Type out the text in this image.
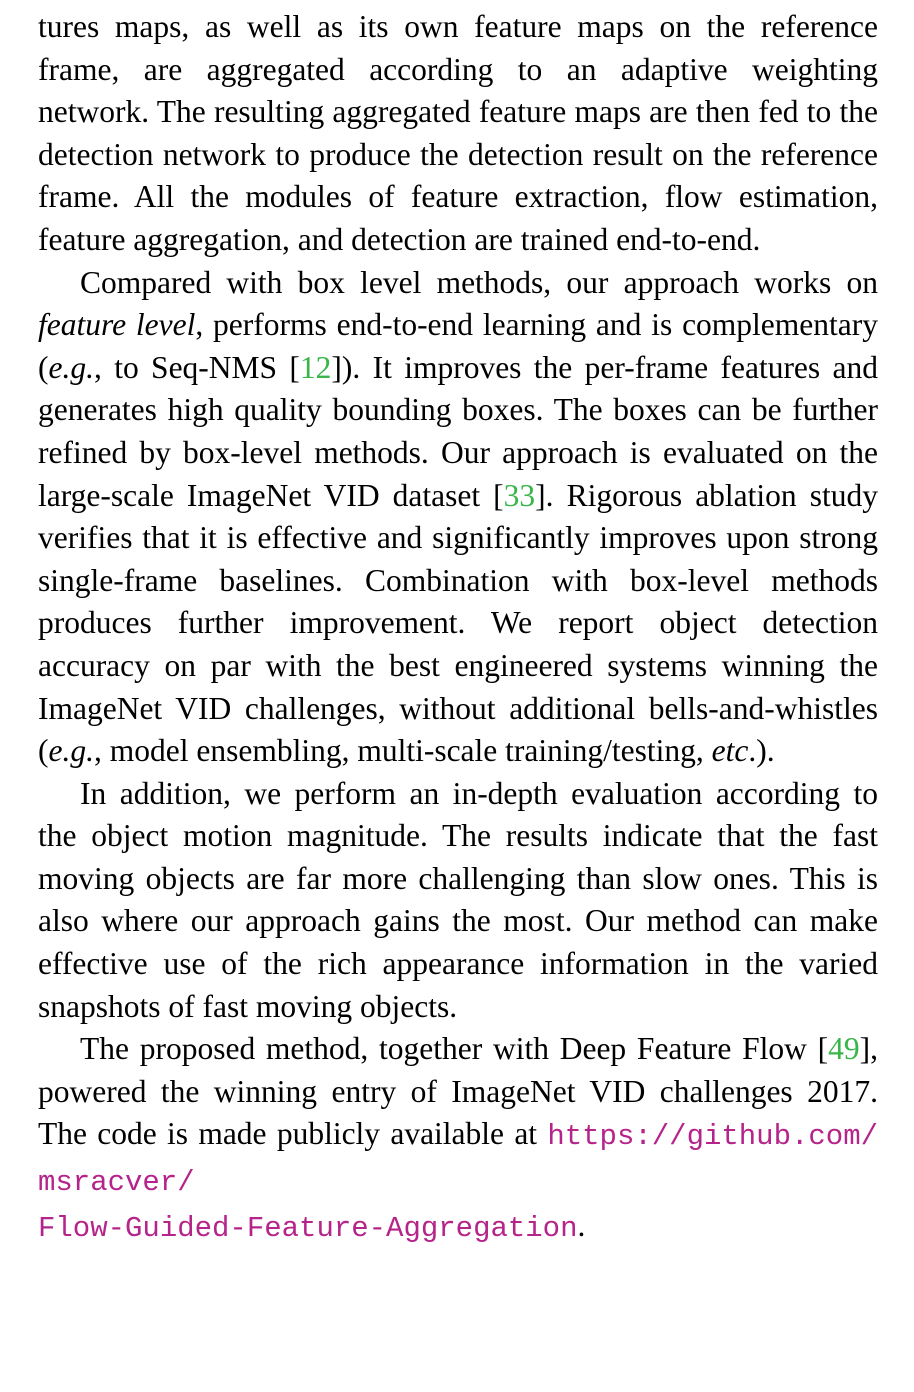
tures maps, as well as its own feature maps on the reference frame, are aggregated according to an adaptive weighting network. The resulting aggregated feature maps are then fed to the detection network to produce the detection result on the reference frame. All the modules of feature extraction, flow estimation, feature aggregation, and detection are trained end-to-end.

Compared with box level methods, our approach works on feature level, performs end-to-end learning and is complementary (e.g., to Seq-NMS [12]). It improves the per-frame features and generates high quality bounding boxes. The boxes can be further refined by box-level methods. Our approach is evaluated on the large-scale ImageNet VID dataset [33]. Rigorous ablation study verifies that it is effective and significantly improves upon strong single-frame baselines. Combination with box-level methods produces further improvement. We report object detection accuracy on par with the best engineered systems winning the ImageNet VID challenges, without additional bells-and-whistles (e.g., model ensembling, multi-scale training/testing, etc.).

In addition, we perform an in-depth evaluation according to the object motion magnitude. The results indicate that the fast moving objects are far more challenging than slow ones. This is also where our approach gains the most. Our method can make effective use of the rich appearance information in the varied snapshots of fast moving objects.

The proposed method, together with Deep Feature Flow [49], powered the winning entry of ImageNet VID challenges 2017. The code is made publicly available at https://github.com/msracver/
Flow-Guided-Feature-Aggregation.
